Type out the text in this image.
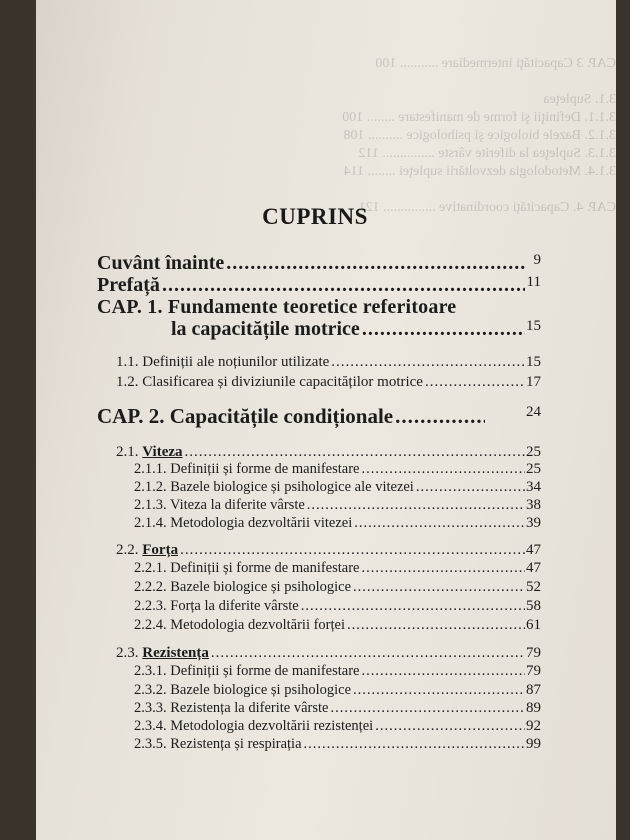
CAP. 3 Capacităţi intermediare ........... 100

3.1. Supleţea
3.1.1. Definiţii şi forme de manifestare ........ 100
3.1.2. Bazele biologice şi psihologice .......... 108
3.1.3. Supleţea la diferite vârste ............... 112
3.1.4. Metodologia dezvoltării supleţei ........ 114

CAP. 4. Capacităţi coordinative ............... 121
CUPRINS
Cuvânt înainte .....	9
Prefață .....	11
CAP. 1. Fundamente teoretice referitoare
la capacitățile motrice .....	15
1.1. Definiții ale noțiunilor utilizate .....	15
1.2. Clasificarea și diviziunile capacităților motrice .....	17
CAP. 2. Capacitățile condiționale .....	24
2.1. Viteza .....	25
2.1.1. Definiții și forme de manifestare .....	25
2.1.2. Bazele biologice și psihologice ale vitezei .....	34
2.1.3. Viteza la diferite vârste .....	38
2.1.4. Metodologia dezvoltării vitezei .....	39
2.2. Forța .....	47
2.2.1. Definiții și forme de manifestare .....	47
2.2.2. Bazele biologice și psihologice .....	52
2.2.3. Forța la diferite vârste .....	58
2.2.4. Metodologia dezvoltării forței .....	61
2.3. Rezistența .....	79
2.3.1. Definiții și forme de manifestare .....	79
2.3.2. Bazele biologice și psihologice .....	87
2.3.3. Rezistența la diferite vârste .....	89
2.3.4. Metodologia dezvoltării rezistenței .....	92
2.3.5. Rezistența și respirația .....	99
